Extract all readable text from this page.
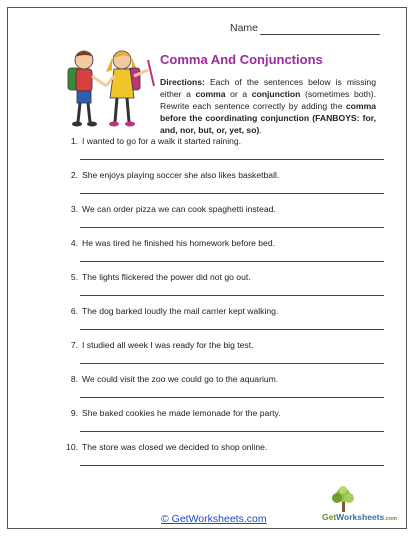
Name
Comma And Conjunctions
Directions: Each of the sentences below is missing either a comma or a conjunction (sometimes both). Rewrite each sentence correctly by adding the comma before the coordinating conjunction (FANBOYS: for, and, nor, but, or, yet, so).
1. I wanted to go for a walk it started raining.
2. She enjoys playing soccer she also likes basketball.
3. We can order pizza we can cook spaghetti instead.
4. He was tired he finished his homework before bed.
5. The lights flickered the power did not go out.
6. The dog barked loudly the mail carrier kept walking.
7. I studied all week I was ready for the big test.
8. We could visit the zoo we could go to the aquarium.
9. She baked cookies he made lemonade for the party.
10. The store was closed we decided to shop online.
© GetWorksheets.com	GetWorksheets.com
